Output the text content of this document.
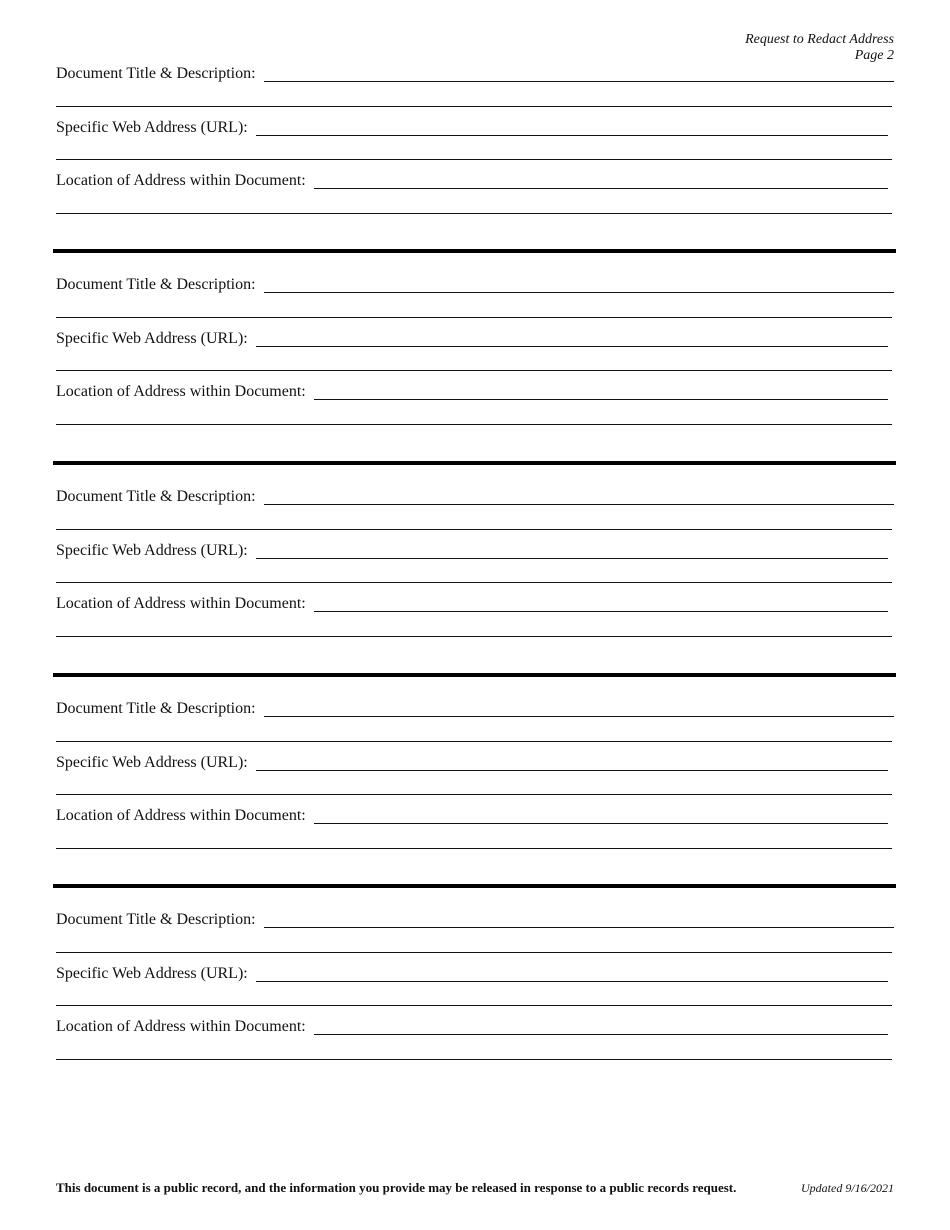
Request to Redact Address
Page 2
Document Title & Description:
Specific Web Address (URL):
Location of Address within Document:
Document Title & Description:
Specific Web Address (URL):
Location of Address within Document:
Document Title & Description:
Specific Web Address (URL):
Location of Address within Document:
Document Title & Description:
Specific Web Address (URL):
Location of Address within Document:
Document Title & Description:
Specific Web Address (URL):
Location of Address within Document:
This document is a public record, and the information you provide may be released in response to a public records request.	Updated 9/16/2021
